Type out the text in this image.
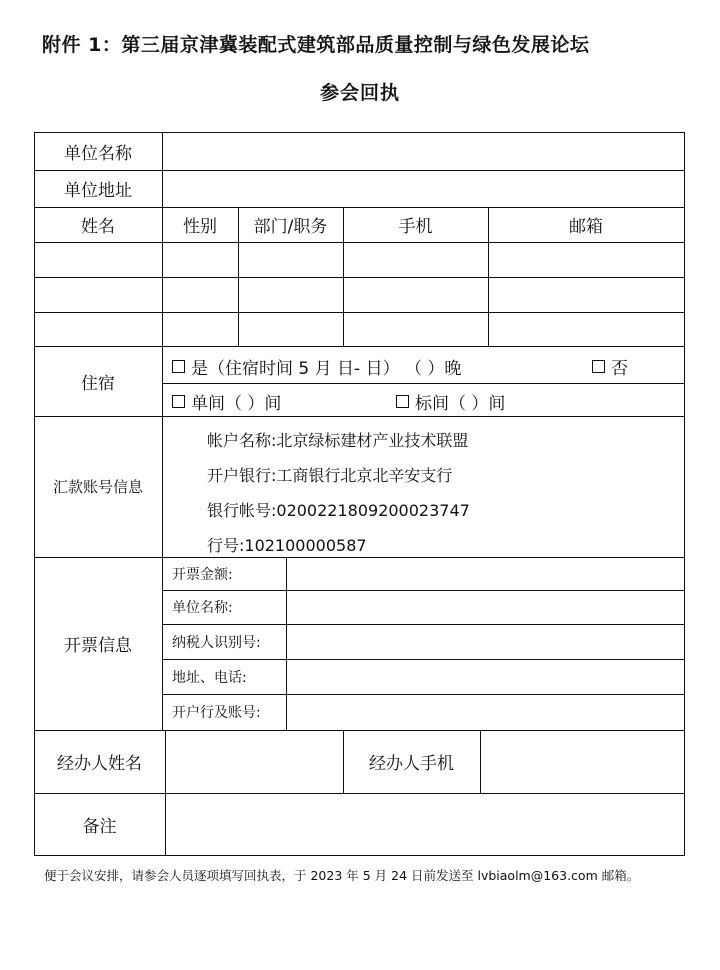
附件 1：第三届京津冀装配式建筑部品质量控制与绿色发展论坛
参会回执
单位名称
单位地址
姓名	性别	部门/职务	手机	邮箱
住宿
是（住宿时间 5 月 日- 日） （ ）晚	否
单间（ ）间	标间（ ）间
汇款账号信息
帐户名称:北京绿标建材产业技术联盟
开户银行:工商银行北京北辛安支行
银行帐号:0200221809200023747
行号:102100000587
开票信息
开票金额:
单位名称:
纳税人识别号:
地址、电话:
开户行及账号:
经办人姓名	经办人手机
备注
便于会议安排，请参会人员逐项填写回执表，于 2023 年 5 月 24 日前发送至 lvbiaolm@163.com 邮箱。
